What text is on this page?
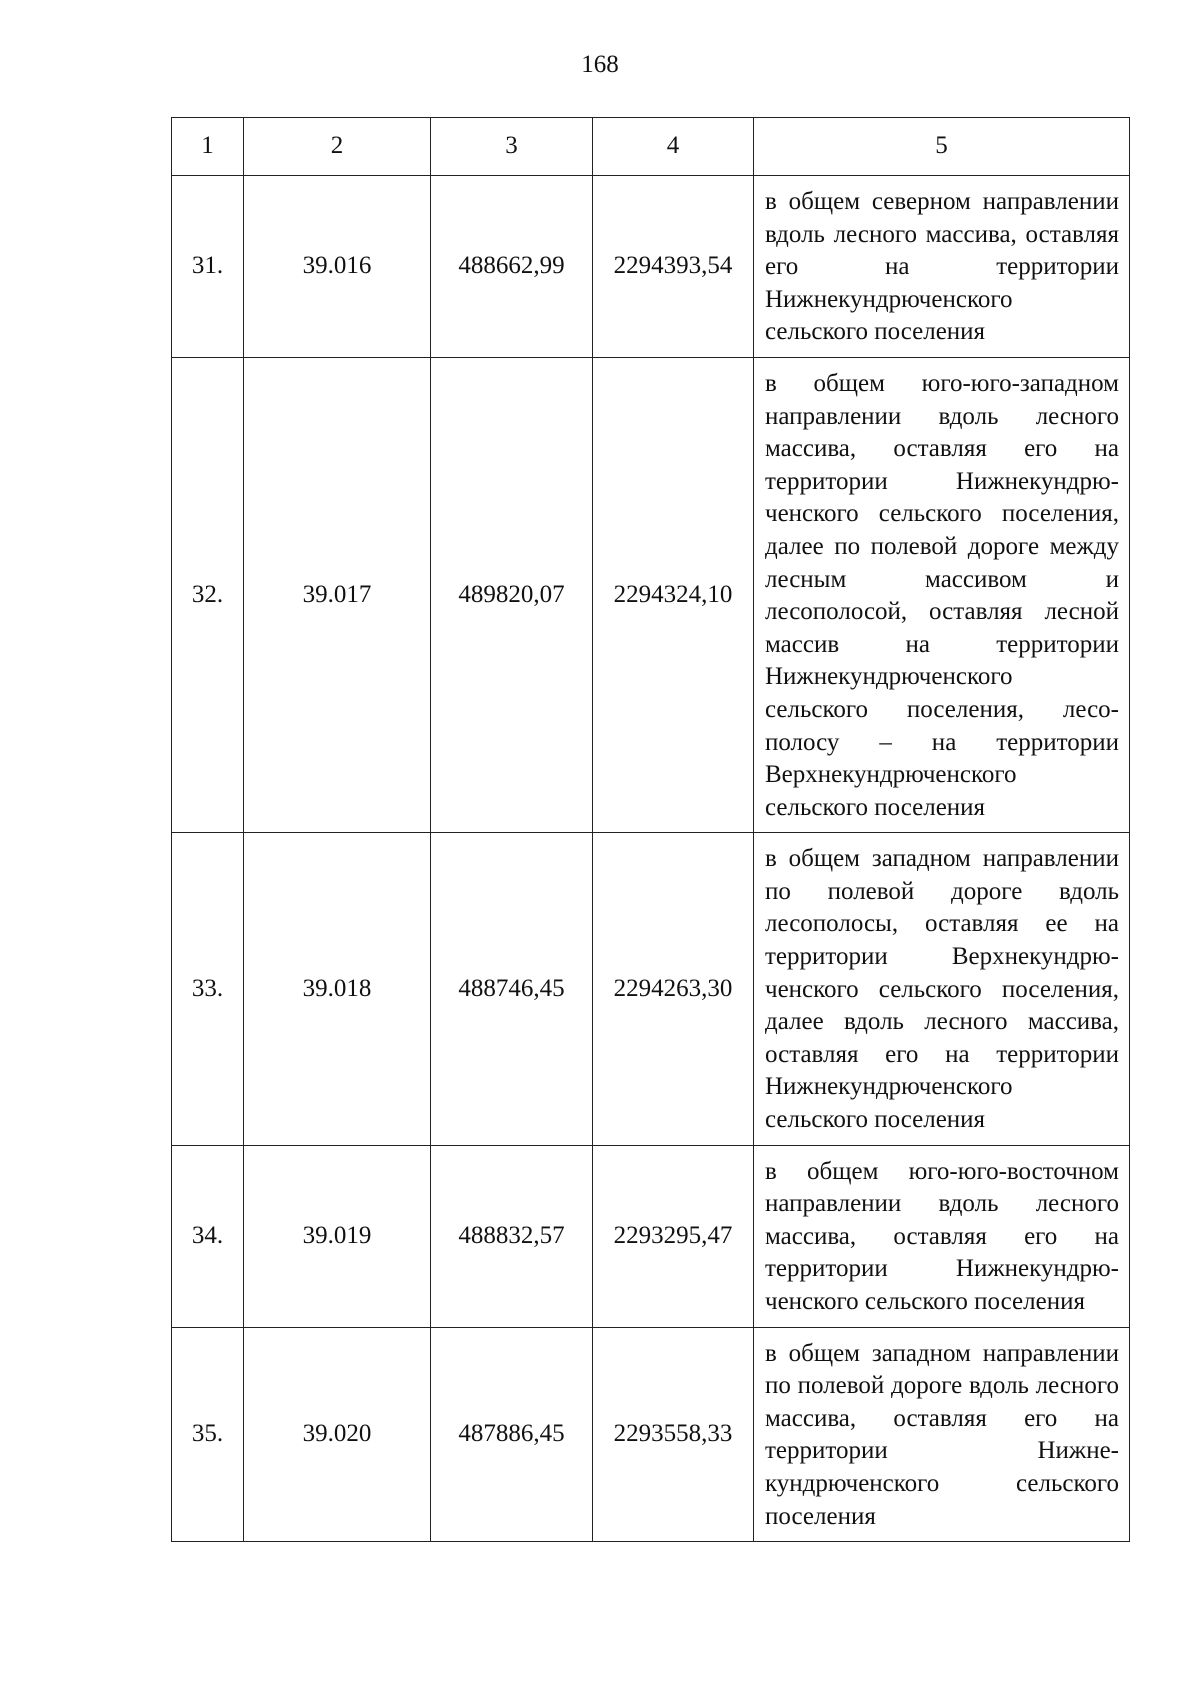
168
1	2	3	4	5
31.	39.016	488662,99	2294393,54	в общем северном направлении вдоль лесного массива, оставляя его на территории Нижнекундрюченского сельского поселения
32.	39.017	489820,07	2294324,10	в общем юго-юго-западном направлении вдоль лесного массива, оставляя его на территории Нижнекундрюченского сельского поселения, далее по полевой дороге между лесным массивом и лесополосой, оставляя лесной массив на территории Нижнекундрюченского сельского поселения, лесополосу – на территории Верхнекундрюченского сельского поселения
33.	39.018	488746,45	2294263,30	в общем западном направлении по полевой дороге вдоль лесополосы, оставляя ее на территории Верхнекундрюченского сельского поселения, далее вдоль лесного массива, оставляя его на территории Нижнекундрюченского сельского поселения
34.	39.019	488832,57	2293295,47	в общем юго-юго-восточном направлении вдоль лесного массива, оставляя его на территории Нижнекундрюченского сельского поселения
35.	39.020	487886,45	2293558,33	в общем западном направлении по полевой дороге вдоль лесного массива, оставляя его на территории Нижнекундрюченского сельского поселения
